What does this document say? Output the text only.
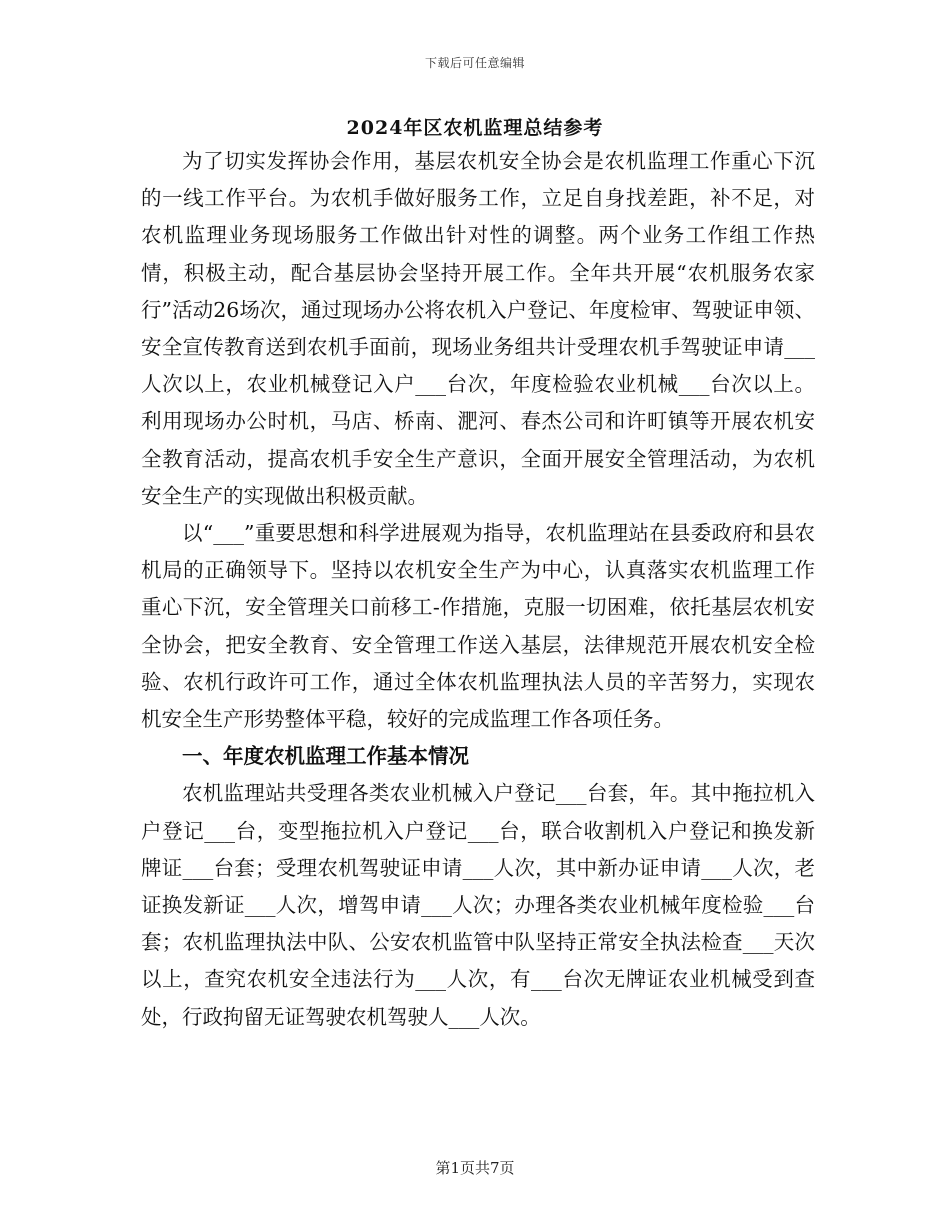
下载后可任意编辑
2024年区农机监理总结参考

为了切实发挥协会作用，基层农机安全协会是农机监理工作重心下沉的一线工作平台。为农机手做好服务工作，立足自身找差距，补不足，对农机监理业务现场服务工作做出针对性的调整。两个业务工作组工作热情，积极主动，配合基层协会坚持开展工作。全年共开展“农机服务农家行”活动26场次，通过现场办公将农机入户登记、年度检审、驾驶证申领、安全宣传教育送到农机手面前，现场业务组共计受理农机手驾驶证申请___人次以上，农业机械登记入户___台次，年度检验农业机械___台次以上。利用现场办公时机，马店、桥南、淝河、春杰公司和许町镇等开展农机安全教育活动，提高农机手安全生产意识，全面开展安全管理活动，为农机安全生产的实现做出积极贡献。

以“___”重要思想和科学进展观为指导，农机监理站在县委政府和县农机局的正确领导下。坚持以农机安全生产为中心，认真落实农机监理工作重心下沉，安全管理关口前移工-作措施，克服一切困难，依托基层农机安全协会，把安全教育、安全管理工作送入基层，法律规范开展农机安全检验、农机行政许可工作，通过全体农机监理执法人员的辛苦努力，实现农机安全生产形势整体平稳，较好的完成监理工作各项任务。

一、年度农机监理工作基本情况

农机监理站共受理各类农业机械入户登记___台套，年。其中拖拉机入户登记___台，变型拖拉机入户登记___台，联合收割机入户登记和换发新牌证___台套；受理农机驾驶证申请___人次，其中新办证申请___人次，老证换发新证___人次，增驾申请___人次；办理各类农业机械年度检验___台套；农机监理执法中队、公安农机监管中队坚持正常安全执法检查___天次以上，查究农机安全违法行为___人次，有___台次无牌证农业机械受到查处，行政拘留无证驾驶农机驾驶人___人次。

第1页共7页
